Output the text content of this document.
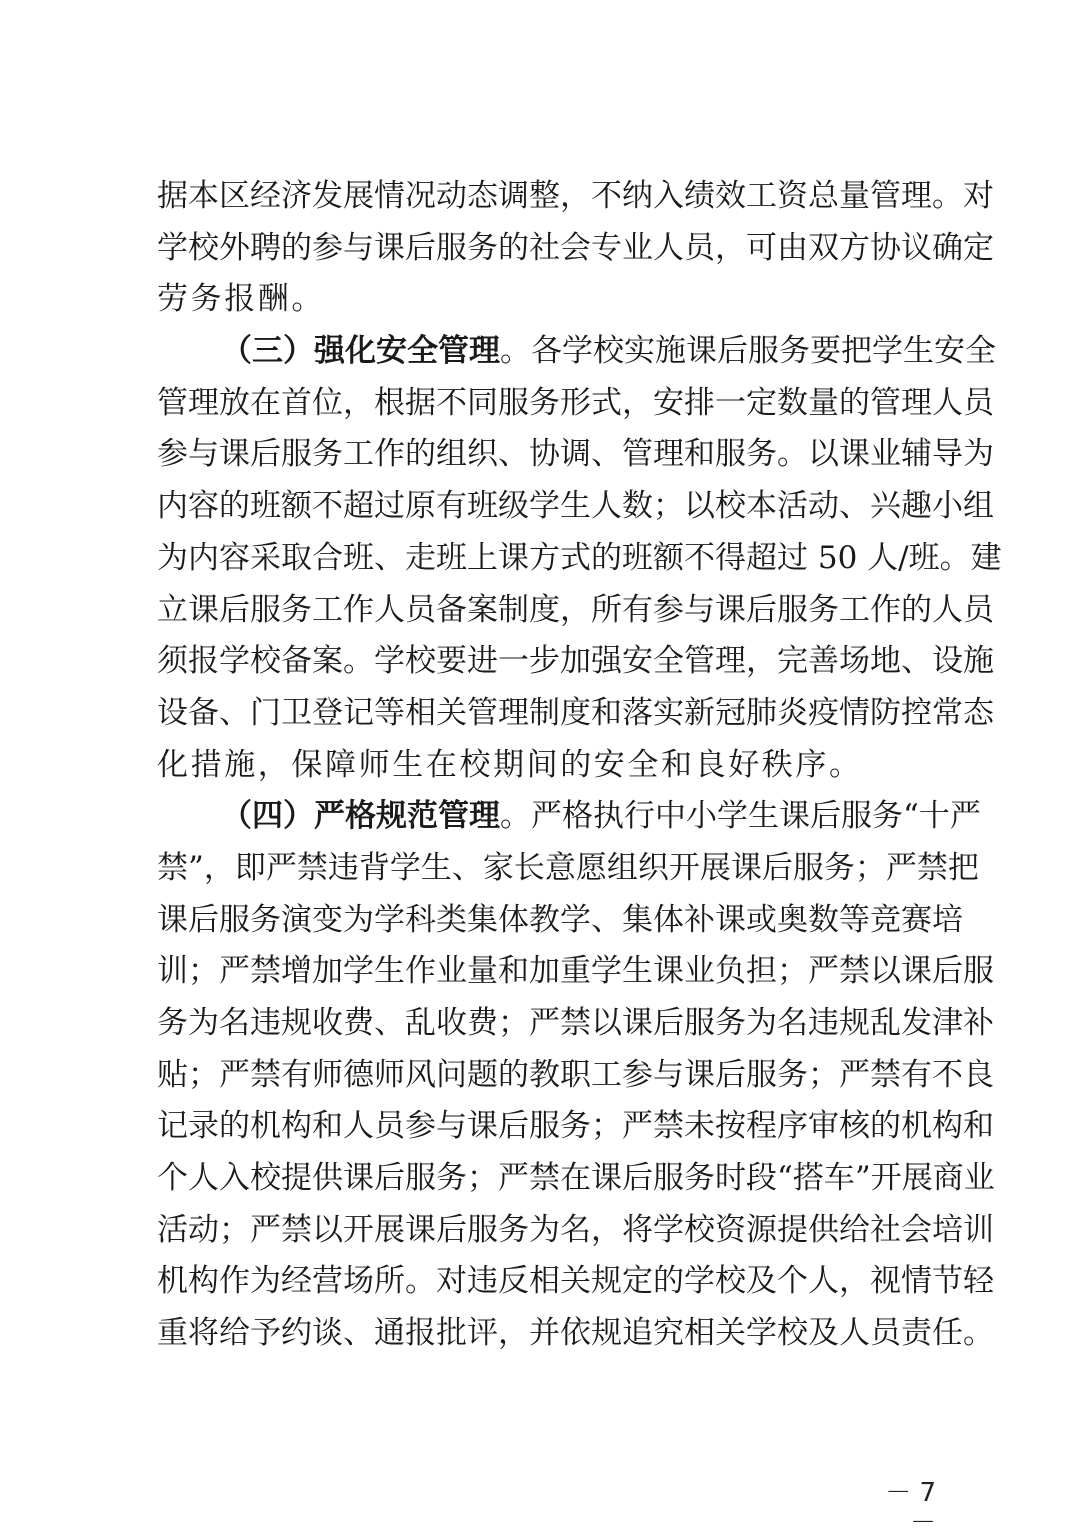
据本区经济发展情况动态调整，不纳入绩效工资总量管理。对
学校外聘的参与课后服务的社会专业人员，可由双方协议确定
劳务报酬。
（三）强化安全管理。各学校实施课后服务要把学生安全
管理放在首位，根据不同服务形式，安排一定数量的管理人员
参与课后服务工作的组织、协调、管理和服务。以课业辅导为
内容的班额不超过原有班级学生人数；以校本活动、兴趣小组
为内容采取合班、走班上课方式的班额不得超过 50 人/班。建
立课后服务工作人员备案制度，所有参与课后服务工作的人员
须报学校备案。学校要进一步加强安全管理，完善场地、设施
设备、门卫登记等相关管理制度和落实新冠肺炎疫情防控常态
化措施，保障师生在校期间的安全和良好秩序。
（四）严格规范管理。严格执行中小学生课后服务“十严
禁”，即严禁违背学生、家长意愿组织开展课后服务；严禁把
课后服务演变为学科类集体教学、集体补课或奥数等竞赛培
训；严禁增加学生作业量和加重学生课业负担；严禁以课后服
务为名违规收费、乱收费；严禁以课后服务为名违规乱发津补
贴；严禁有师德师风问题的教职工参与课后服务；严禁有不良
记录的机构和人员参与课后服务；严禁未按程序审核的机构和
个人入校提供课后服务；严禁在课后服务时段“搭车”开展商业
活动；严禁以开展课后服务为名，将学校资源提供给社会培训
机构作为经营场所。对违反相关规定的学校及个人，视情节轻
重将给予约谈、通报批评，并依规追究相关学校及人员责任。
－ 7 －
